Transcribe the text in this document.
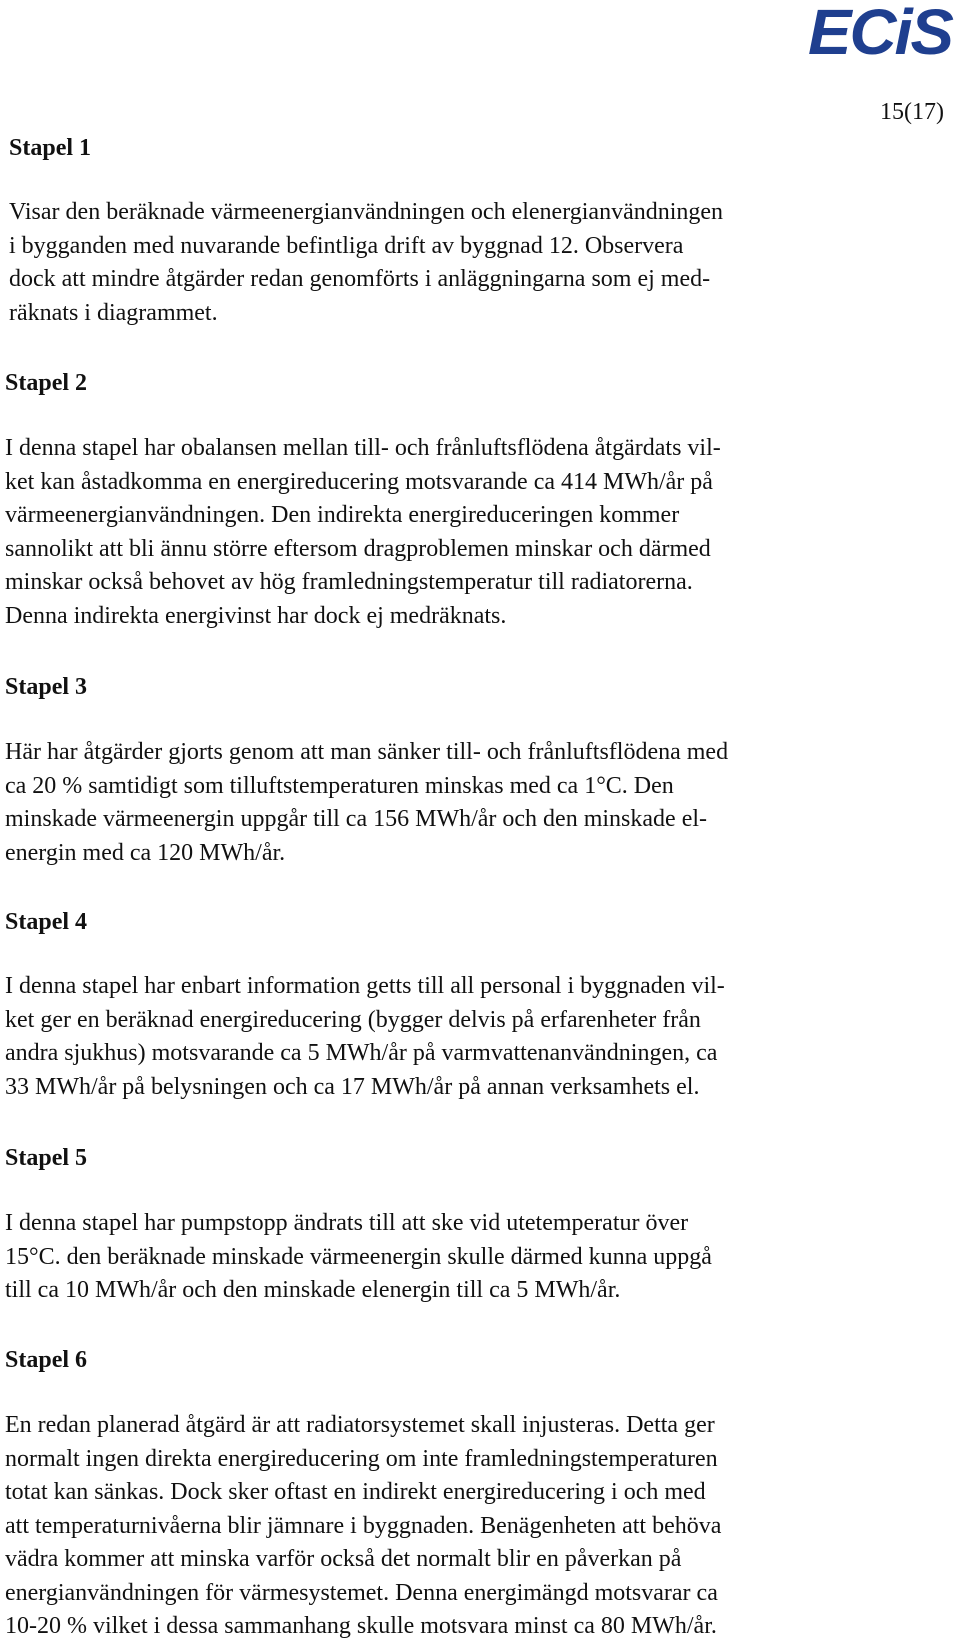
ECiS
15(17)
Stapel 1
Visar den beräknade värmeenergianvändningen och elenergianvändningen
i bygganden med nuvarande befintliga drift av byggnad 12. Observera
dock att mindre åtgärder redan genomförts i anläggningarna som ej med-
räknats i diagrammet.
Stapel 2
I denna stapel har obalansen mellan till- och frånluftsflödena åtgärdats vil-
ket kan åstadkomma en energireducering motsvarande ca 414 MWh/år på
värmeenergianvändningen. Den indirekta energireduceringen kommer
sannolikt att bli ännu större eftersom dragproblemen minskar och därmed
minskar också behovet av hög framledningstemperatur till radiatorerna.
Denna indirekta energivinst har dock ej medräknats.
Stapel 3
Här har åtgärder gjorts genom att man sänker till- och frånluftsflödena med
ca 20 % samtidigt som tilluftstemperaturen minskas med ca 1°C. Den
minskade värmeenergin uppgår till ca 156 MWh/år och den minskade el-
energin med ca 120 MWh/år.
Stapel 4
I denna stapel har enbart information getts till all personal i byggnaden vil-
ket ger en beräknad energireducering (bygger delvis på erfarenheter från
andra sjukhus) motsvarande ca 5 MWh/år på varmvattenanvändningen, ca
33 MWh/år på belysningen och ca 17 MWh/år på annan verksamhets el.
Stapel 5
I denna stapel har pumpstopp ändrats till att ske vid utetemperatur över
15°C. den beräknade minskade värmeenergin skulle därmed kunna uppgå
till ca 10 MWh/år och den minskade elenergin till ca 5 MWh/år.
Stapel 6
En redan planerad åtgärd är att radiatorsystemet skall injusteras. Detta ger
normalt ingen direkta energireducering om inte framledningstemperaturen
totat kan sänkas. Dock sker oftast en indirekt energireducering i och med
att temperaturnivåerna blir jämnare i byggnaden. Benägenheten att behöva
vädra kommer att minska varför också det normalt blir en påverkan på
energianvändningen för värmesystemet. Denna energimängd motsvarar ca
10-20 % vilket i dessa sammanhang skulle motsvara minst ca 80 MWh/år.
